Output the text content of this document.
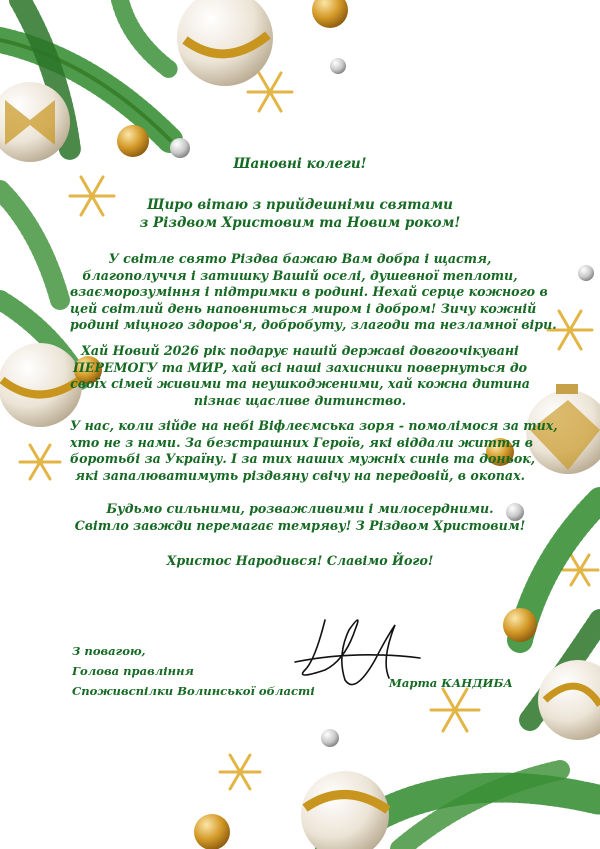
Шановні колеги!
Щиро вітаю з прийдешніми святами
з Різдвом Христовим та Новим роком!
У світле свято Різдва бажаю Вам добра і щастя,
благополуччя і затишку Вашій оселі, душевної теплоти,
взаєморозуміння і підтримки в родині. Нехай серце кожного в
цей світлий день наповниться миром і добром! Зичу кожній
родині міцного здоров'я, добробуту, злагоди та незламної віри.
Хай Новий 2026 рік подарує нашій державі довгоочікувані
ПЕРЕМОГУ та МИР, хай всі наші захисники повернуться до
своїх сімей живими та неушкодженими, хай кожна дитина
пізнає щасливе дитинство.
У нас, коли зійде на небі Віфлеємська зоря - помолімося за тих,
хто не з нами. За безстрашних Героїв, які віддали життя в
боротьбі за Україну. І за тих наших мужніх синів та доньок,
які запалюватимуть різдвяну свічу на передовій, в окопах.
Будьмо сильними, розважливими і милосердними.
Світло завжди перемагає темряву! З Різдвом Христовим!
Христос Народився! Славімо Його!
З повагою,
Голова правління
Споживспілки Волинської області
Марта КАНДИБА
